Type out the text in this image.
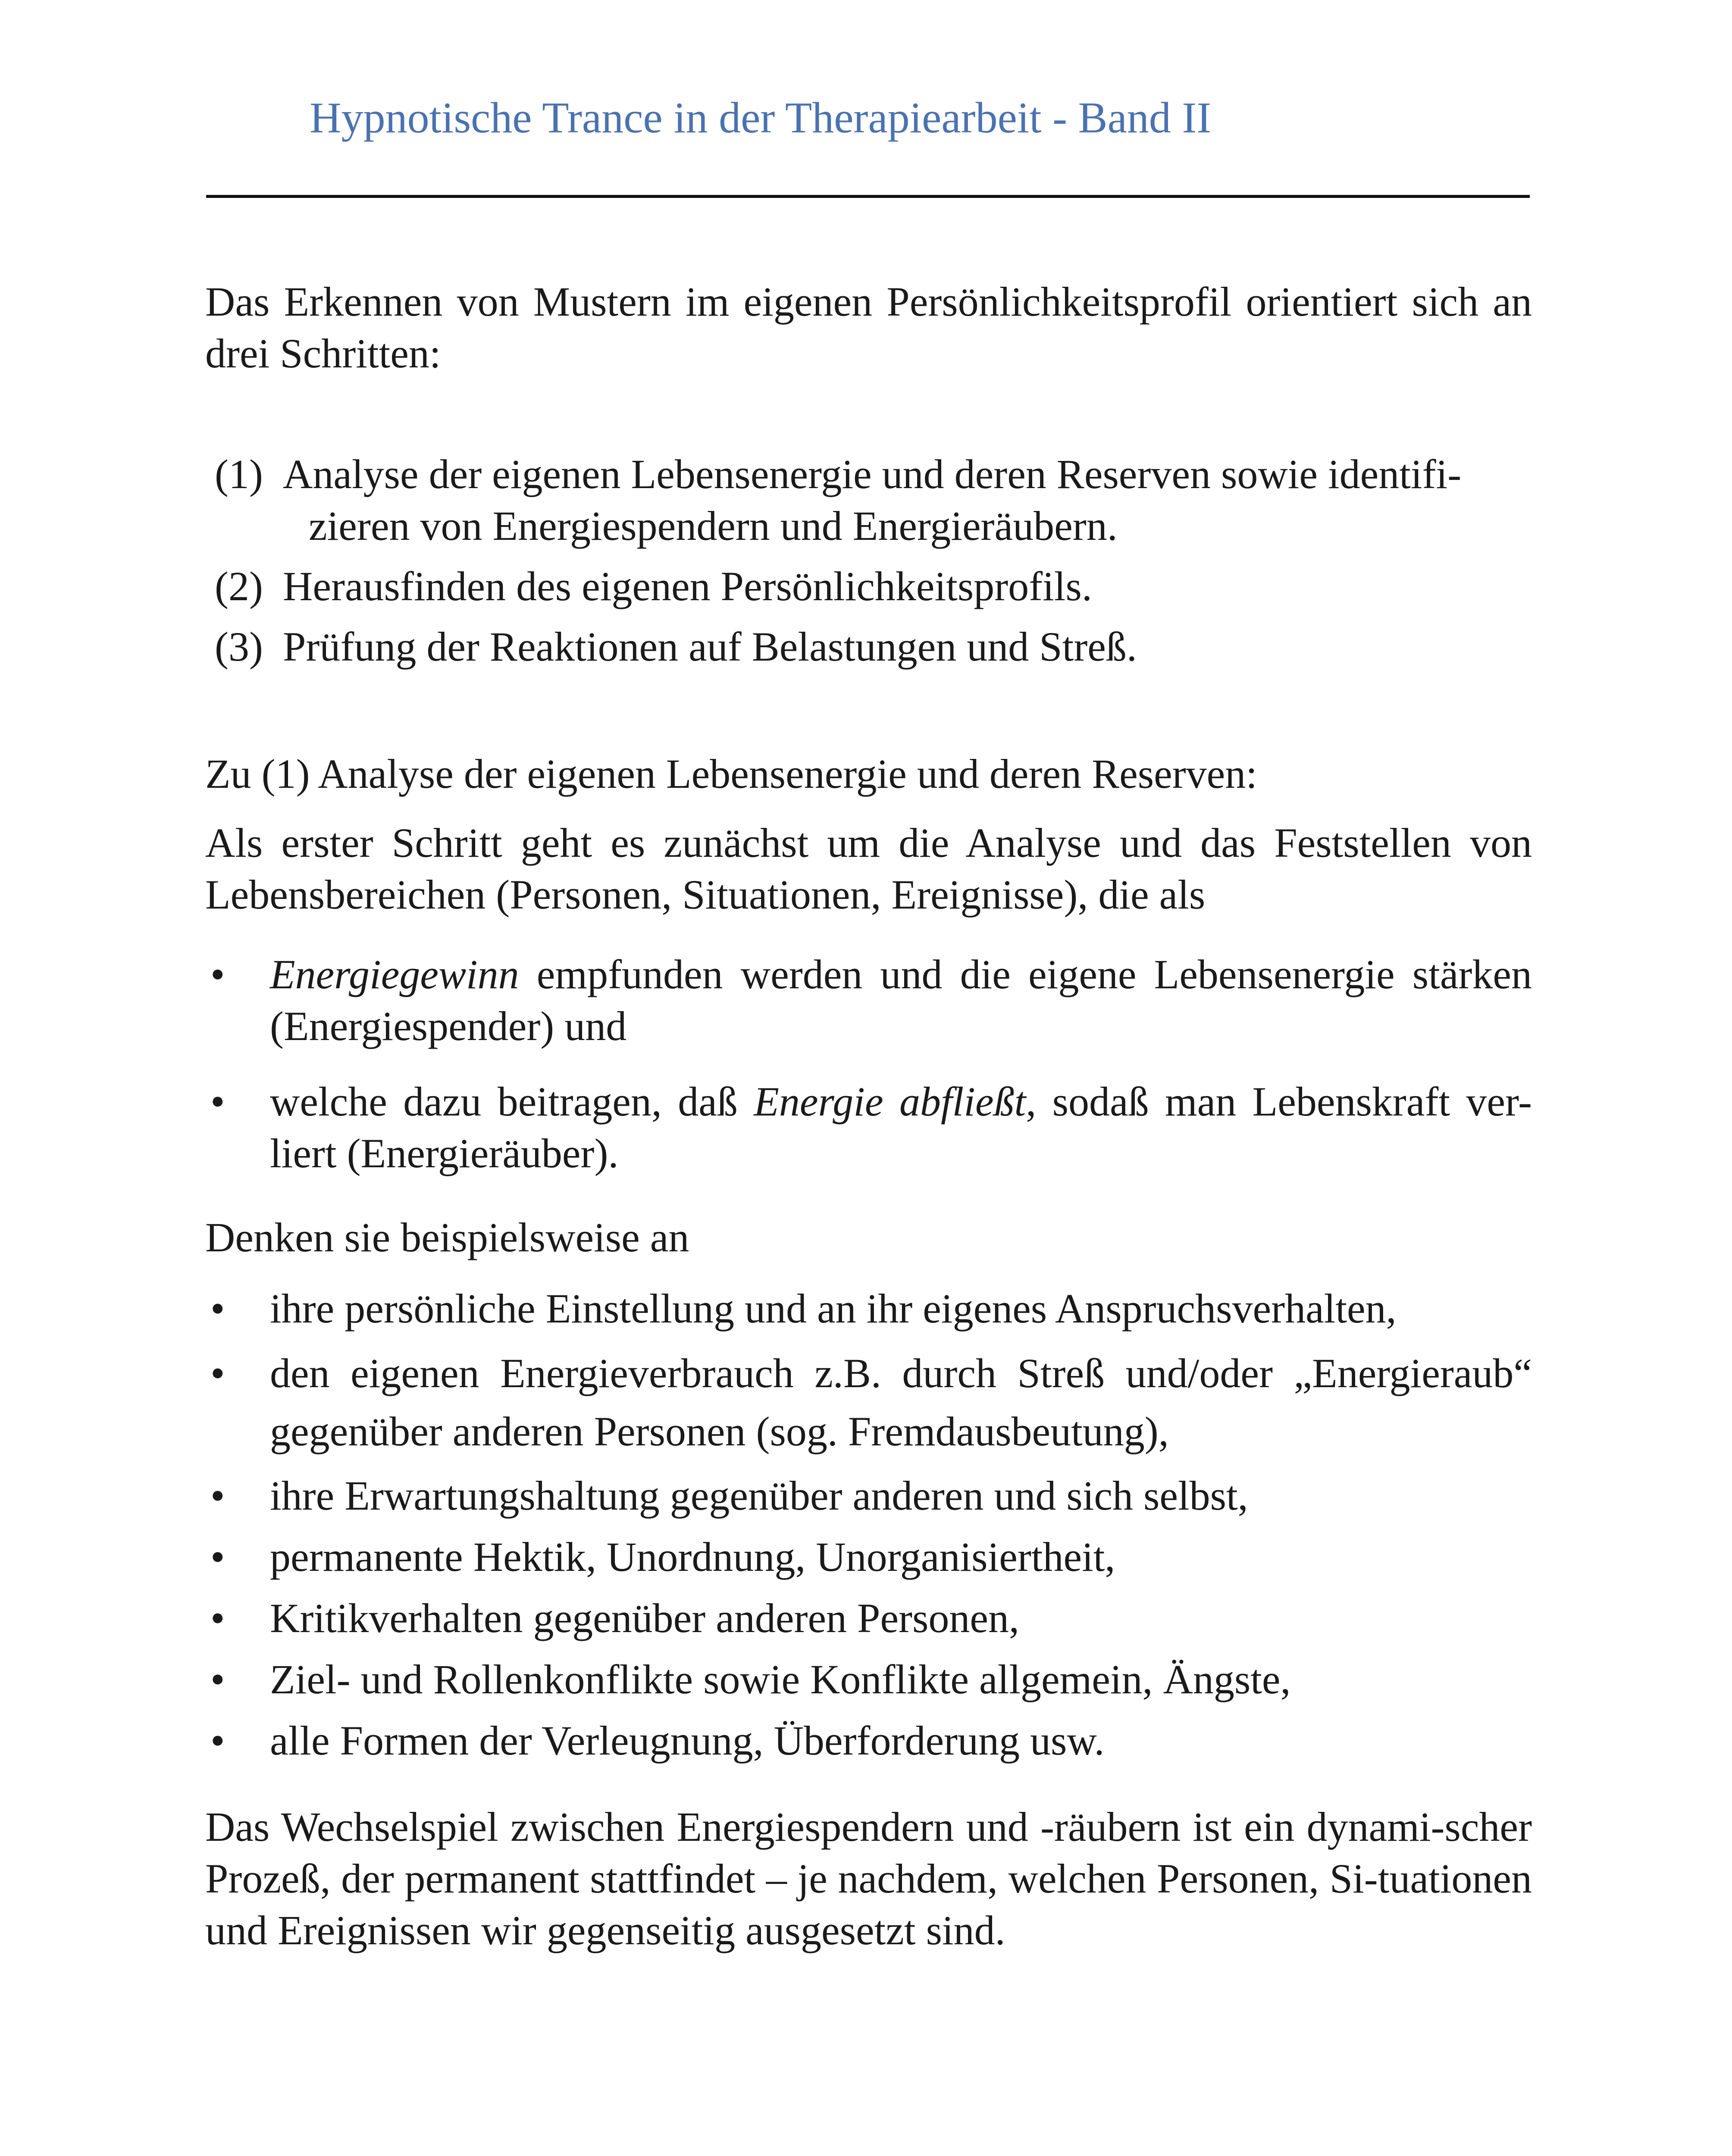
Hypnotische Trance in der Therapiearbeit - Band II

Das Erkennen von Mustern im eigenen Persönlichkeitsprofil orientiert sich an drei Schritten:

(1) Analyse der eigenen Lebensenergie und deren Reserven sowie identifi-
zieren von Energiespendern und Energieräubern.
(2) Herausfinden des eigenen Persönlichkeitsprofils.
(3) Prüfung der Reaktionen auf Belastungen und Streß.

Zu (1) Analyse der eigenen Lebensenergie und deren Reserven:

Als erster Schritt geht es zunächst um die Analyse und das Feststellen von Lebensbereichen (Personen, Situationen, Ereignisse), die als

• Energiegewinn empfunden werden und die eigene Lebensenergie stärken (Energiespender) und
• welche dazu beitragen, daß Energie abfließt, sodaß man Lebenskraft ver-liert (Energieräuber).

Denken sie beispielsweise an

• ihre persönliche Einstellung und an ihr eigenes Anspruchsverhalten,
• den eigenen Energieverbrauch z.B. durch Streß und/oder „Energieraub“ gegenüber anderen Personen (sog. Fremdausbeutung),
• ihre Erwartungshaltung gegenüber anderen und sich selbst,
• permanente Hektik, Unordnung, Unorganisiertheit,
• Kritikverhalten gegenüber anderen Personen,
• Ziel- und Rollenkonflikte sowie Konflikte allgemein, Ängste,
• alle Formen der Verleugnung, Überforderung usw.

Das Wechselspiel zwischen Energiespendern und -räubern ist ein dynami-scher Prozeß, der permanent stattfindet – je nachdem, welchen Personen, Si-tuationen und Ereignissen wir gegenseitig ausgesetzt sind.
